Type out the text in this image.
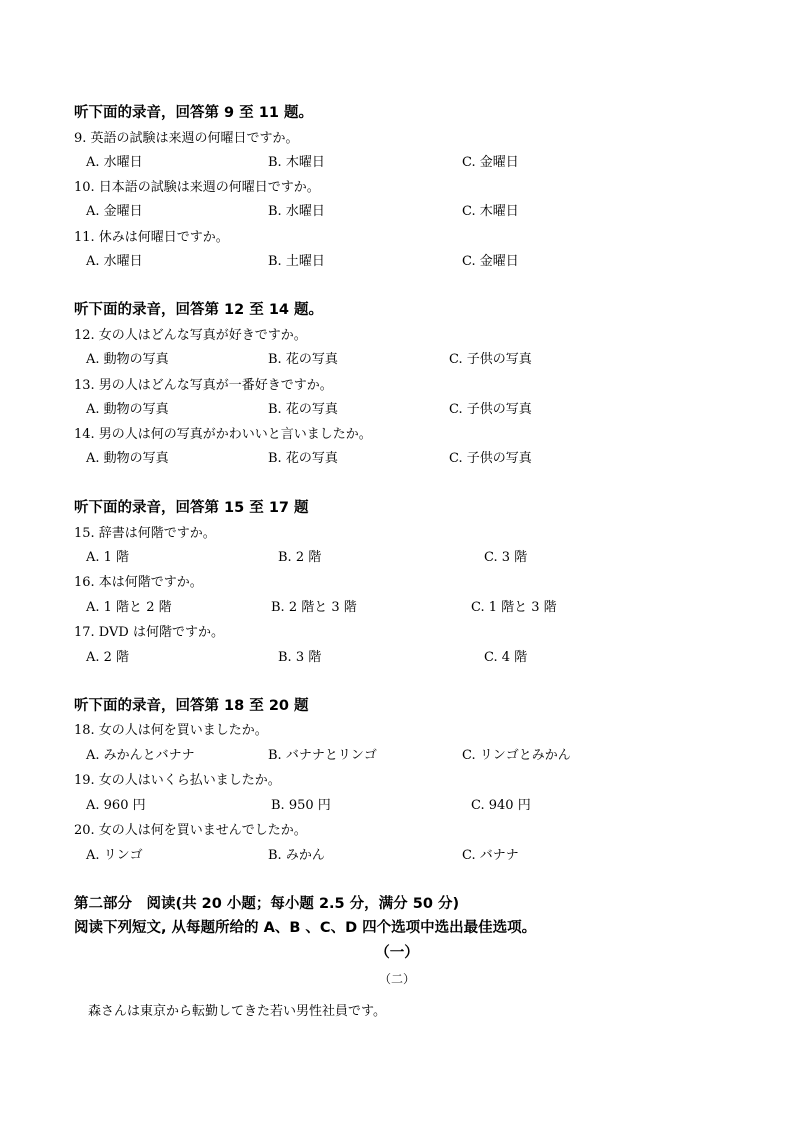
听下面的录音，回答第 9 至 11 题。
9. 英語の試験は来週の何曜日ですか。
A. 水曜日	B. 木曜日	C. 金曜日
10. 日本語の試験は来週の何曜日ですか。
A. 金曜日	B. 水曜日	C. 木曜日
11. 休みは何曜日ですか。
A. 水曜日	B. 土曜日	C. 金曜日
听下面的录音，回答第 12 至 14 题。
12. 女の人はどんな写真が好きですか。
A. 動物の写真	B. 花の写真	C. 子供の写真
13. 男の人はどんな写真が一番好きですか。
A. 動物の写真	B. 花の写真	C. 子供の写真
14. 男の人は何の写真がかわいいと言いましたか。
A. 動物の写真	B. 花の写真	C. 子供の写真
听下面的录音，回答第 15 至 17 题
15. 辞書は何階ですか。
A. 1 階	B. 2 階	C. 3 階
16. 本は何階ですか。
A. 1 階と 2 階	B. 2 階と 3 階	C. 1 階と 3 階
17. DVD は何階ですか。
A. 2 階	B. 3 階	C. 4 階
听下面的录音，回答第 18 至 20 题
18. 女の人は何を買いましたか。
A. みかんとバナナ	B. バナナとリンゴ	C. リンゴとみかん
19. 女の人はいくら払いましたか。
A. 960 円	B. 950 円	C. 940 円
20. 女の人は何を買いませんでしたか。
A. リンゴ	B. みかん	C. バナナ
第二部分　阅读(共 20 小题；每小题 2.5 分，满分 50 分)
阅读下列短文, 从每题所给的 A、B 、C、D 四个选项中选出最佳选项。
（一）
（二）
森さんは東京から転勤してきた若い男性社員です。
